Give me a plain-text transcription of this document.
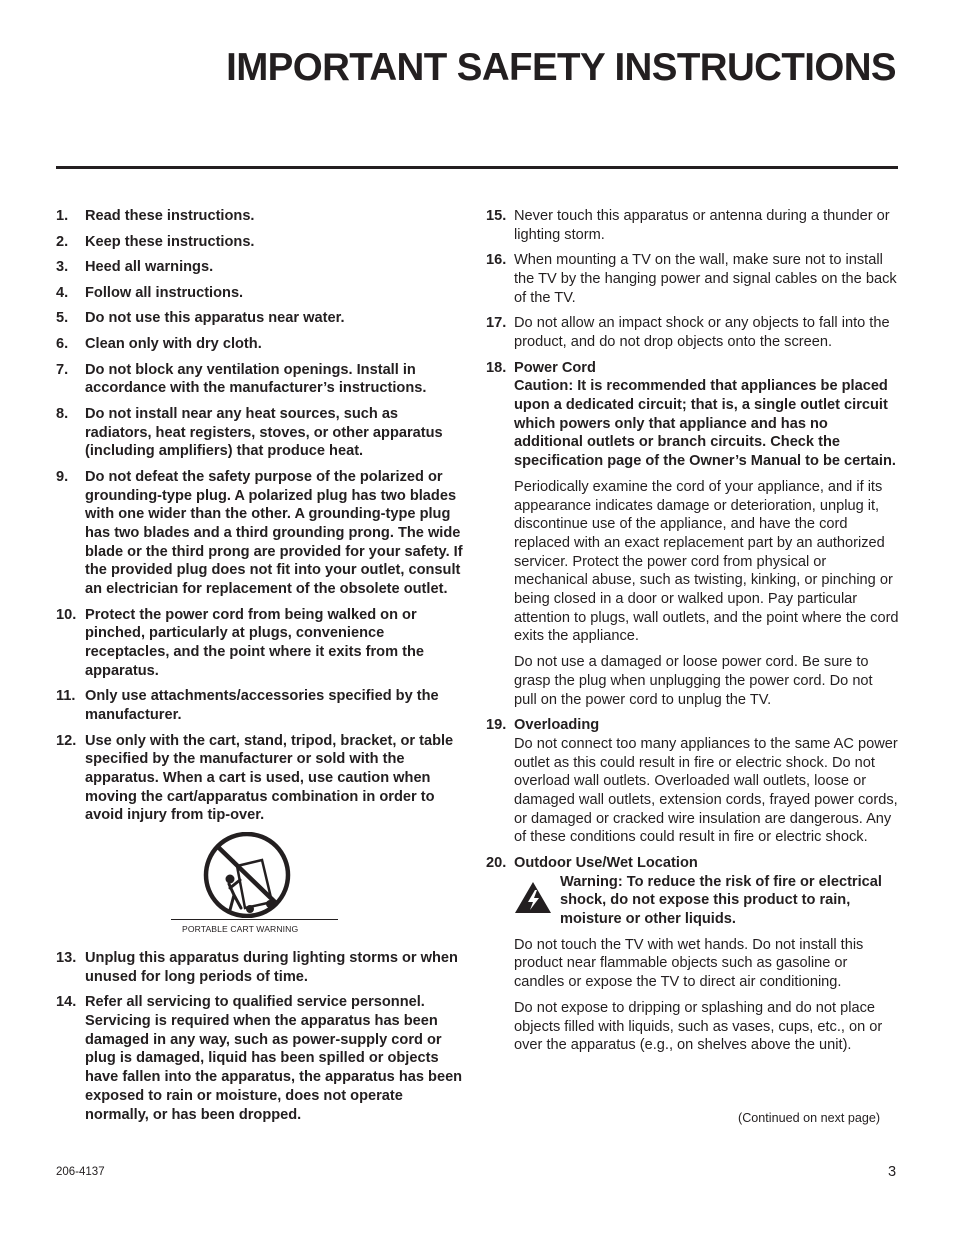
IMPORTANT SAFETY INSTRUCTIONS
1.	Read these instructions.
2.	Keep these instructions.
3.	Heed all warnings.
4.	Follow all instructions.
5.	Do not use this apparatus near water.
6.	Clean only with dry cloth.
7.	Do not block any ventilation openings. Install in accordance with the manufacturer’s instructions.
8.	Do not install near any heat sources, such as radiators, heat registers, stoves, or other apparatus (including amplifiers) that produce heat.
9.	Do not defeat the safety purpose of the polarized or grounding-type plug. A polarized plug has two blades with one wider than the other. A grounding-type plug has two blades and a third grounding prong. The wide blade or the third prong are provided for your safety. If the provided plug does not fit into your outlet, consult an electrician for replacement of the obsolete outlet.
10. Protect the power cord from being walked on or pinched, particularly at plugs, convenience receptacles, and the point where it exits from the apparatus.
11. Only use attachments/accessories specified by the manufacturer.
12. Use only with the cart, stand, tripod, bracket, or table specified by the manufacturer or sold with the apparatus. When a cart is used, use caution when moving the cart/apparatus combination in order to avoid injury from tip-over.
PORTABLE CART WARNING
13. Unplug this apparatus during lighting storms or when unused for long periods of time.
14. Refer all servicing to qualified service personnel. Servicing is required when the apparatus has been damaged in any way, such as power-supply cord or plug is damaged, liquid has been spilled or objects have fallen into the apparatus, the apparatus has been exposed to rain or moisture, does not operate normally, or has been dropped.
15. Never touch this apparatus or antenna during a thunder or lighting storm.
16. When mounting a TV on the wall, make sure not to install the TV by the hanging power and signal cables on the back of the TV.
17. Do not allow an impact shock or any objects to fall into the product, and do not drop objects onto the screen.
18. Power Cord

Caution: It is recommended that appliances be placed upon a dedicated circuit; that is, a single outlet circuit which powers only that appliance and has no additional outlets or branch circuits. Check the specification page of the Owner’s Manual to be certain.

Periodically examine the cord of your appliance, and if its appearance indicates damage or deterioration, unplug it, discontinue use of the appliance, and have the cord replaced with an exact replacement part by an authorized servicer. Protect the power cord from physical or mechanical abuse, such as twisting, kinking, or pinching or being closed in a door or walked upon. Pay particular attention to plugs, wall outlets, and the point where the cord exits the appliance.

Do not use a damaged or loose power cord. Be sure to grasp the plug when unplugging the power cord. Do not pull on the power cord to unplug the TV.

19. Overloading
Do not connect too many appliances to the same AC power outlet as this could result in fire or electric shock. Do not overload wall outlets. Overloaded wall outlets, loose or damaged wall outlets, extension cords, frayed power cords, or damaged or cracked wire insulation are dangerous. Any of these conditions could result in fire or electric shock.
20. Outdoor Use/Wet Location
Warning: To reduce the risk of fire or electrical shock, do not expose this product to rain, moisture or other liquids.

Do not touch the TV with wet hands. Do not install this product near flammable objects such as gasoline or candles or expose the TV to direct air conditioning.

Do not expose to dripping or splashing and do not place objects filled with liquids, such as vases, cups, etc., on or over the apparatus (e.g., on shelves above the unit).

(Continued on next page)
206-4137	3
